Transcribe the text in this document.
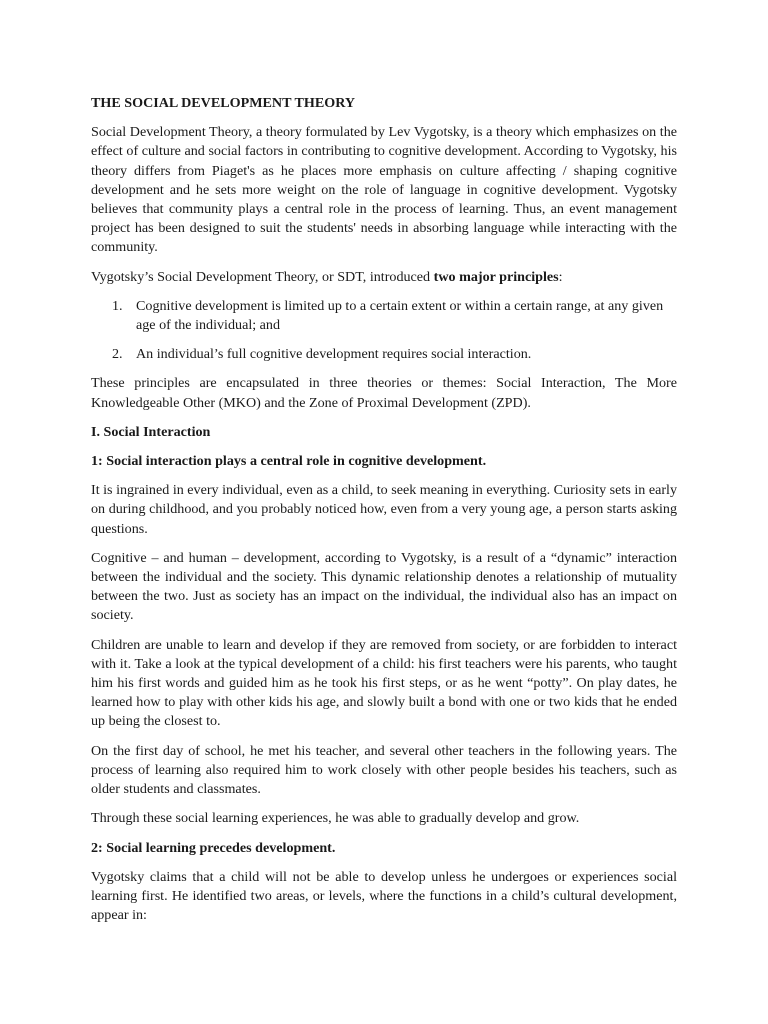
THE SOCIAL DEVELOPMENT THEORY

Social Development Theory, a theory formulated by Lev Vygotsky, is a theory which emphasizes on the effect of culture and social factors in contributing to cognitive development. According to Vygotsky, his theory differs from Piaget's as he places more emphasis on culture affecting / shaping cognitive development and he sets more weight on the role of language in cognitive development. Vygotsky believes that community plays a central role in the process of learning. Thus, an event management project has been designed to suit the students' needs in absorbing language while interacting with the community.

Vygotsky’s Social Development Theory, or SDT, introduced two major principles:

1. Cognitive development is limited up to a certain extent or within a certain range, at any given age of the individual; and
2. An individual’s full cognitive development requires social interaction.

These principles are encapsulated in three theories or themes: Social Interaction, The More Knowledgeable Other (MKO) and the Zone of Proximal Development (ZPD).

I. Social Interaction
1: Social interaction plays a central role in cognitive development.

It is ingrained in every individual, even as a child, to seek meaning in everything. Curiosity sets in early on during childhood, and you probably noticed how, even from a very young age, a person starts asking questions.

Cognitive – and human – development, according to Vygotsky, is a result of a “dynamic” interaction between the individual and the society. This dynamic relationship denotes a relationship of mutuality between the two. Just as society has an impact on the individual, the individual also has an impact on society.

Children are unable to learn and develop if they are removed from society, or are forbidden to interact with it. Take a look at the typical development of a child: his first teachers were his parents, who taught him his first words and guided him as he took his first steps, or as he went “potty”. On play dates, he learned how to play with other kids his age, and slowly built a bond with one or two kids that he ended up being the closest to.

On the first day of school, he met his teacher, and several other teachers in the following years. The process of learning also required him to work closely with other people besides his teachers, such as older students and classmates.

Through these social learning experiences, he was able to gradually develop and grow.

2: Social learning precedes development.

Vygotsky claims that a child will not be able to develop unless he undergoes or experiences social learning first. He identified two areas, or levels, where the functions in a child’s cultural development, appear in:
